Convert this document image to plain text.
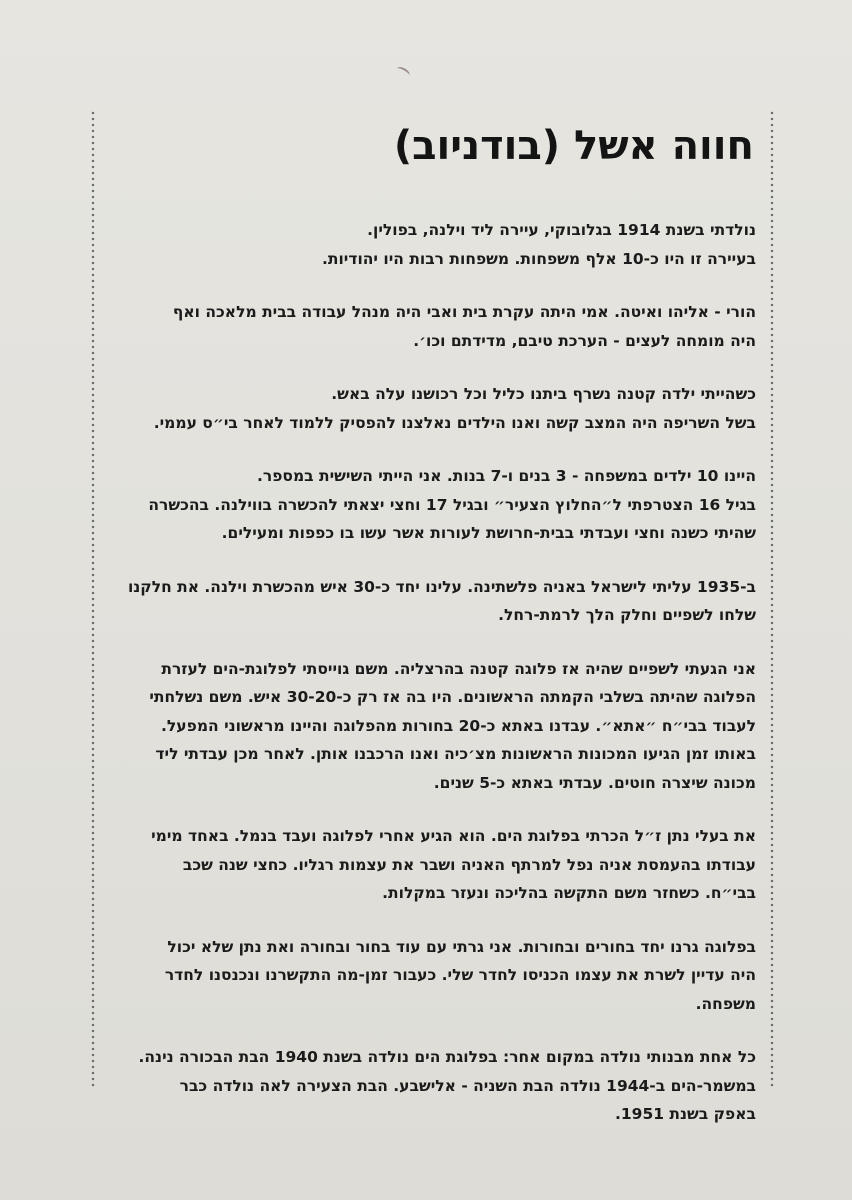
חווה אשל (בודניוב)
נולדתי בשנת 1914 בגלובוקי, עיירה ליד וילנה, בפולין.
בעיירה זו היו כ-10 אלף משפחות. משפחות רבות היו יהודיות.
הורי - אליהו ואיטה. אמי היתה עקרת בית ואבי היה מנהל עבודה בבית מלאכה ואף
היה מומחה לעצים - הערכת טיבם, מדידתם וכו׳.
כשהייתי ילדה קטנה נשרף ביתנו כליל וכל רכושנו עלה באש.
בשל השריפה היה המצב קשה ואנו הילדים נאלצנו להפסיק ללמוד לאחר בי״ס עממי.
היינו 10 ילדים במשפחה - 3 בנים ו-7 בנות. אני הייתי השישית במספר.
בגיל 16 הצטרפתי ל״החלוץ הצעיר״ ובגיל 17 וחצי יצאתי להכשרה בווילנה. בהכשרה
שהיתי כשנה וחצי ועבדתי בבית-חרושת לעורות אשר עשו בו כפפות ומעילים.
ב-1935 עליתי לישראל באניה פלשתינה. עלינו יחד כ-30 איש מהכשרת וילנה. את חלקנו
שלחו לשפיים וחלק הלך לרמת-רחל.
אני הגעתי לשפיים שהיה אז פלוגה קטנה בהרצליה. משם גוייסתי לפלוגת-הים לעזרת
הפלוגה שהיתה בשלבי הקמתה הראשונים. היו בה אז רק כ-30-20 איש. משם נשלחתי
לעבוד בבי״ח ״אתא״. עבדנו באתא כ-20 בחורות מהפלוגה והיינו מראשוני המפעל.
באותו זמן הגיעו המכונות הראשונות מצ׳כיה ואנו הרכבנו אותן. לאחר מכן עבדתי ליד
מכונה שיצרה חוטים. עבדתי באתא כ-5 שנים.
את בעלי נתן ז״ל הכרתי בפלוגת הים. הוא הגיע אחרי לפלוגה ועבד בנמל. באחד מימי
עבודתו בהעמסת אניה נפל למרתף האניה ושבר את עצמות רגליו. כחצי שנה שכב
בבי״ח. כשחזר משם התקשה בהליכה ונעזר במקלות.
בפלוגה גרנו יחד בחורים ובחורות. אני גרתי עם עוד בחור ובחורה ואת נתן שלא יכול
היה עדיין לשרת את עצמו הכניסו לחדר שלי. כעבור זמן-מה התקשרנו ונכנסנו לחדר
משפחה.
כל אחת מבנותי נולדה במקום אחר: בפלוגת הים נולדה בשנת 1940 הבת הבכורה נינה.
במשמר-הים ב-1944 נולדה הבת השניה - אלישבע. הבת הצעירה לאה נולדה כבר
באפק בשנת 1951.
